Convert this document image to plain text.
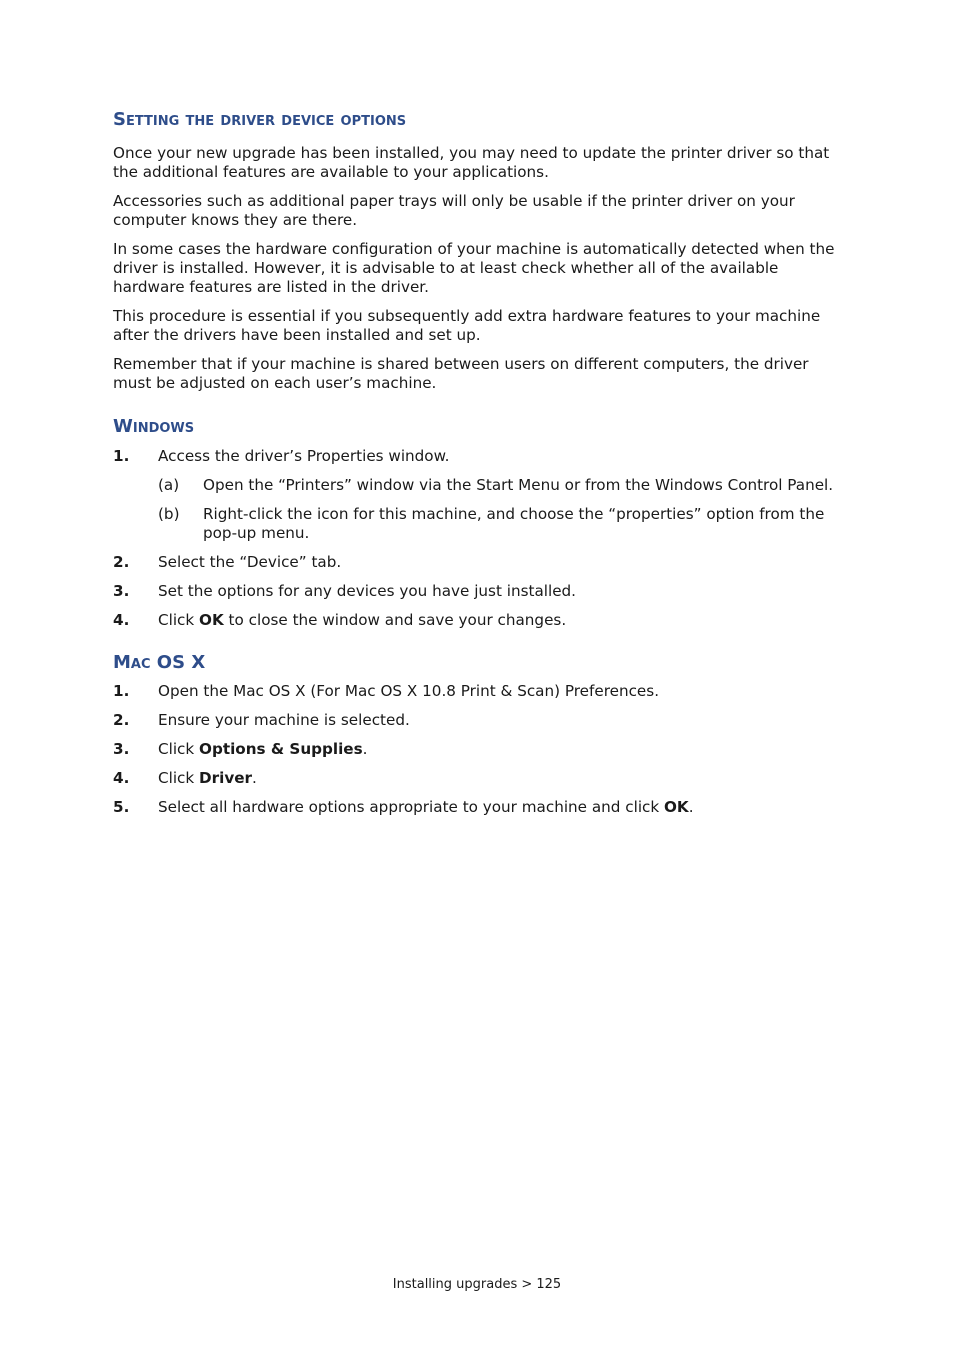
Setting the driver device options

Once your new upgrade has been installed, you may need to update the printer driver so that the additional features are available to your applications.

Accessories such as additional paper trays will only be usable if the printer driver on your computer knows they are there.

In some cases the hardware configuration of your machine is automatically detected when the driver is installed. However, it is advisable to at least check whether all of the available hardware features are listed in the driver.

This procedure is essential if you subsequently add extra hardware features to your machine after the drivers have been installed and set up.

Remember that if your machine is shared between users on different computers, the driver must be adjusted on each user’s machine.

Windows
1. Access the driver’s Properties window.
(a) Open the “Printers” window via the Start Menu or from the Windows Control Panel.
(b) Right-click the icon for this machine, and choose the “properties” option from the pop-up menu.
2. Select the “Device” tab.
3. Set the options for any devices you have just installed.
4. Click OK to close the window and save your changes.
Mac OS X
1. Open the Mac OS X (For Mac OS X 10.8 Print & Scan) Preferences.
2. Ensure your machine is selected.
3. Click Options & Supplies.
4. Click Driver.
5. Select all hardware options appropriate to your machine and click OK.
Installing upgrades > 125
